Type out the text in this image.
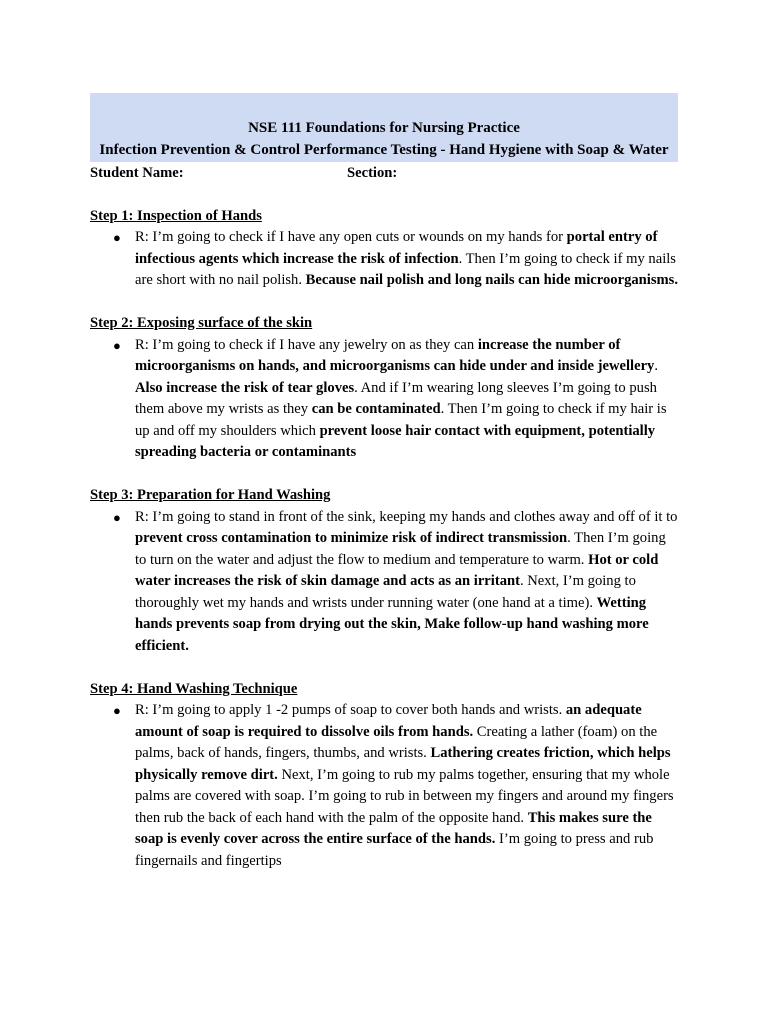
NSE 111 Foundations for Nursing Practice
Infection Prevention & Control Performance Testing - Hand Hygiene with Soap & Water
Student Name:	Section:
Step 1: Inspection of Hands
● R: I’m going to check if I have any open cuts or wounds on my hands for portal entry of infectious agents which increase the risk of infection. Then I’m going to check if my nails are short with no nail polish. Because nail polish and long nails can hide microorganisms.
Step 2: Exposing surface of the skin
● R: I’m going to check if I have any jewelry on as they can increase the number of microorganisms on hands, and microorganisms can hide under and inside jewellery. Also increase the risk of tear gloves. And if I’m wearing long sleeves I’m going to push them above my wrists as they can be contaminated. Then I’m going to check if my hair is up and off my shoulders which prevent loose hair contact with equipment, potentially spreading bacteria or contaminants
Step 3: Preparation for Hand Washing
● R: I’m going to stand in front of the sink, keeping my hands and clothes away and off of it to prevent cross contamination to minimize risk of indirect transmission. Then I’m going to turn on the water and adjust the flow to medium and temperature to warm. Hot or cold water increases the risk of skin damage and acts as an irritant. Next, I’m going to thoroughly wet my hands and wrists under running water (one hand at a time). Wetting hands prevents soap from drying out the skin, Make follow-up hand washing more efficient.
Step 4: Hand Washing Technique
● R: I’m going to apply 1 -2 pumps of soap to cover both hands and wrists. an adequate amount of soap is required to dissolve oils from hands. Creating a lather (foam) on the palms, back of hands, fingers, thumbs, and wrists. Lathering creates friction, which helps physically remove dirt. Next, I’m going to rub my palms together, ensuring that my whole palms are covered with soap. I’m going to rub in between my fingers and around my fingers then rub the back of each hand with the palm of the opposite hand. This makes sure the soap is evenly cover across the entire surface of the hands. I’m going to press and rub fingernails and fingertips
